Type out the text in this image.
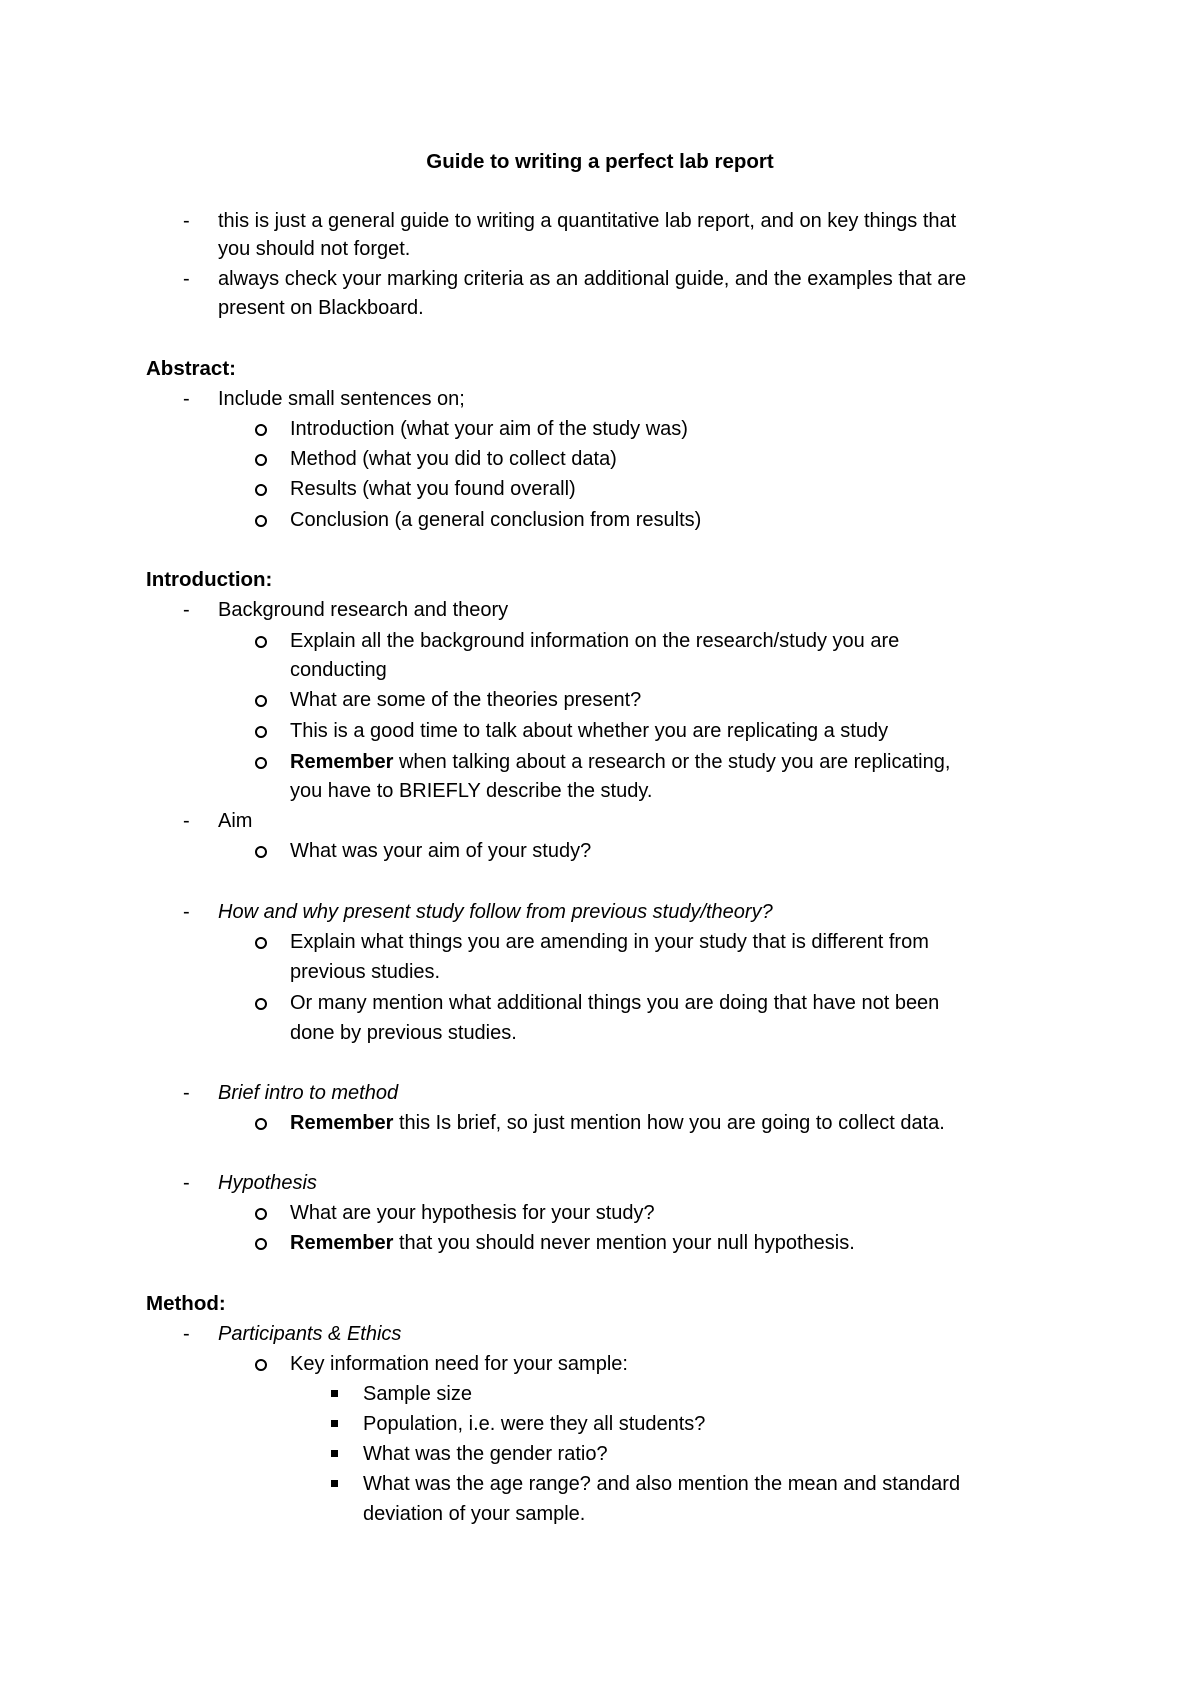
Guide to writing a perfect lab report
- this is just a general guide to writing a quantitative lab report, and on key things that
you should not forget.
- always check your marking criteria as an additional guide, and the examples that are
present on Blackboard.
Abstract:
- Include small sentences on;
Introduction (what your aim of the study was)
Method (what you did to collect data)
Results (what you found overall)
Conclusion (a general conclusion from results)
Introduction:
- Background research and theory
Explain all the background information on the research/study you are
conducting
What are some of the theories present?
This is a good time to talk about whether you are replicating a study
Remember when talking about a research or the study you are replicating,
you have to BRIEFLY describe the study.
- Aim
What was your aim of your study?
- How and why present study follow from previous study/theory?
Explain what things you are amending in your study that is different from
previous studies.
Or many mention what additional things you are doing that have not been
done by previous studies.
- Brief intro to method
Remember this Is brief, so just mention how you are going to collect data.
- Hypothesis
What are your hypothesis for your study?
Remember that you should never mention your null hypothesis.
Method:
- Participants & Ethics
Key information need for your sample:
Sample size
Population, i.e. were they all students?
What was the gender ratio?
What was the age range? and also mention the mean and standard
deviation of your sample.
